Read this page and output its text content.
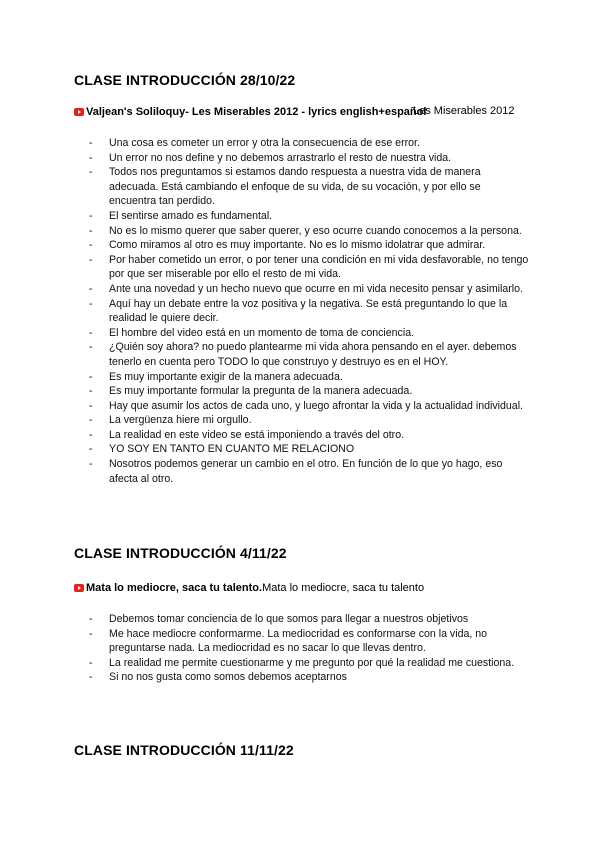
CLASE INTRODUCCIÓN 28/10/22
Valjean's Soliloquy- Les Miserables 2012 - lyrics english+español
Les Miserables 2012
- Una cosa es cometer un error y otra la consecuencia de ese error.
- Un error no nos define y no debemos arrastrarlo el resto de nuestra vida.
- Todos nos preguntamos si estamos dando respuesta a nuestra vida de manera adecuada. Está cambiando el enfoque de su vida, de su vocación, y por ello se encuentra tan perdido.
- El sentirse amado es fundamental.
- No es lo mismo querer que saber querer, y eso ocurre cuando conocemos a la persona.
- Como miramos al otro es muy importante. No es lo mismo idolatrar que admirar.
- Por haber cometido un error, o por tener una condición en mi vida desfavorable, no tengo por que ser miserable por ello el resto de mi vida.
- Ante una novedad y un hecho nuevo que ocurre en mi vida necesito pensar y asimilarlo.
- Aquí hay un debate entre la voz positiva y la negativa. Se está preguntando lo que la realidad le quiere decir.
- El hombre del video está en un momento de toma de conciencia.
- ¿Quién soy ahora? no puedo plantearme mi vida ahora pensando en el ayer. debemos tenerlo en cuenta pero TODO lo que construyo y destruyo es en el HOY.
- Es muy importante exigir de la manera adecuada.
- Es muy importante formular la pregunta de la manera adecuada.
- Hay que asumir los actos de cada uno, y luego afrontar la vida y la actualidad individual.
- La vergüenza hiere mi orgullo.
- La realidad en este video se está imponiendo a través del otro.
- YO SOY EN TANTO EN CUANTO ME RELACIONO
- Nosotros podemos generar un cambio en el otro. En función de lo que yo hago, eso afecta al otro.
CLASE INTRODUCCIÓN 4/11/22
Mata lo mediocre, saca tu talento. Mata lo mediocre, saca tu talento
- Debemos tomar conciencia de lo que somos para llegar a nuestros objetivos
- Me hace mediocre conformarme. La mediocridad es conformarse con la vida, no preguntarse nada. La mediocridad es no sacar lo que llevas dentro.
- La realidad me permite cuestionarme y me pregunto por qué la realidad me cuestiona.
- Si no nos gusta como somos debemos aceptarnos
CLASE INTRODUCCIÓN 11/11/22
